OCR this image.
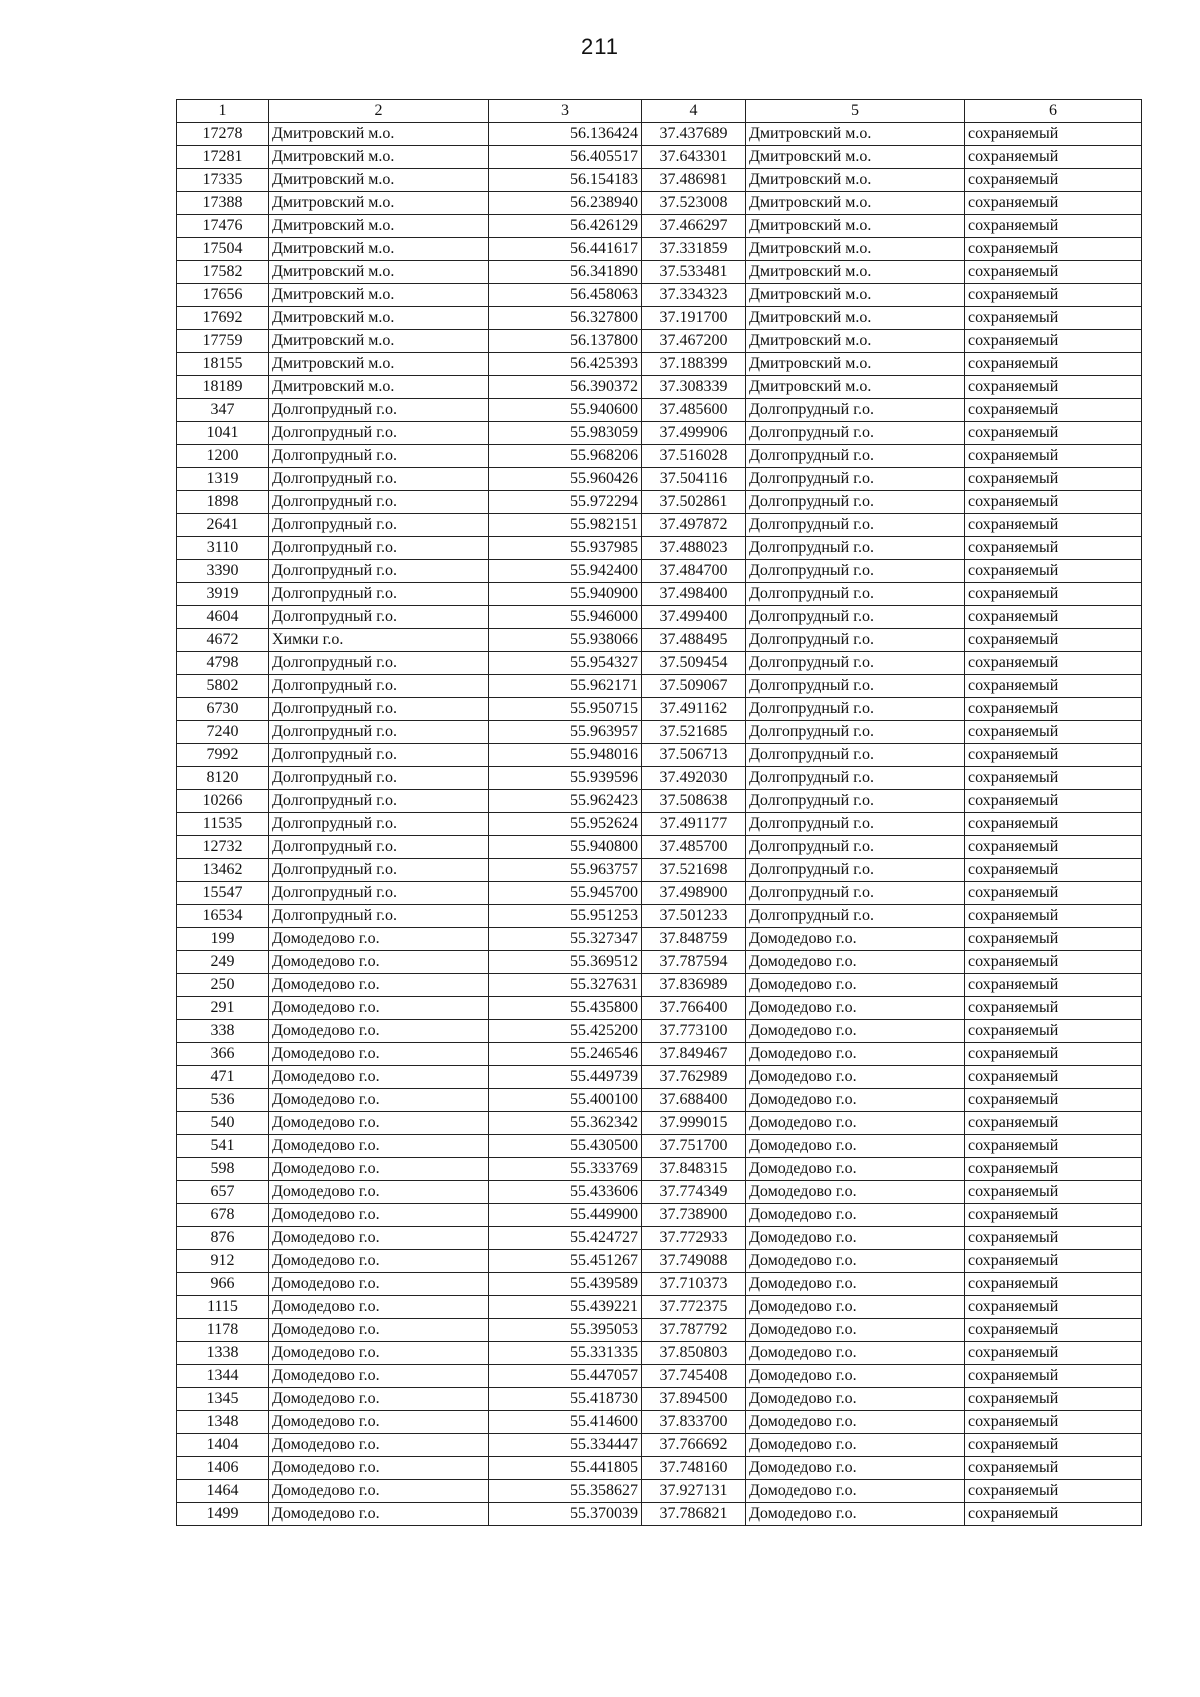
211
1	2	3	4	5	6
17278	Дмитровский м.о.	56.136424	37.437689	Дмитровский м.о.	сохраняемый
17281	Дмитровский м.о.	56.405517	37.643301	Дмитровский м.о.	сохраняемый
17335	Дмитровский м.о.	56.154183	37.486981	Дмитровский м.о.	сохраняемый
17388	Дмитровский м.о.	56.238940	37.523008	Дмитровский м.о.	сохраняемый
17476	Дмитровский м.о.	56.426129	37.466297	Дмитровский м.о.	сохраняемый
17504	Дмитровский м.о.	56.441617	37.331859	Дмитровский м.о.	сохраняемый
17582	Дмитровский м.о.	56.341890	37.533481	Дмитровский м.о.	сохраняемый
17656	Дмитровский м.о.	56.458063	37.334323	Дмитровский м.о.	сохраняемый
17692	Дмитровский м.о.	56.327800	37.191700	Дмитровский м.о.	сохраняемый
17759	Дмитровский м.о.	56.137800	37.467200	Дмитровский м.о.	сохраняемый
18155	Дмитровский м.о.	56.425393	37.188399	Дмитровский м.о.	сохраняемый
18189	Дмитровский м.о.	56.390372	37.308339	Дмитровский м.о.	сохраняемый
347	Долгопрудный г.о.	55.940600	37.485600	Долгопрудный г.о.	сохраняемый
1041	Долгопрудный г.о.	55.983059	37.499906	Долгопрудный г.о.	сохраняемый
1200	Долгопрудный г.о.	55.968206	37.516028	Долгопрудный г.о.	сохраняемый
1319	Долгопрудный г.о.	55.960426	37.504116	Долгопрудный г.о.	сохраняемый
1898	Долгопрудный г.о.	55.972294	37.502861	Долгопрудный г.о.	сохраняемый
2641	Долгопрудный г.о.	55.982151	37.497872	Долгопрудный г.о.	сохраняемый
3110	Долгопрудный г.о.	55.937985	37.488023	Долгопрудный г.о.	сохраняемый
3390	Долгопрудный г.о.	55.942400	37.484700	Долгопрудный г.о.	сохраняемый
3919	Долгопрудный г.о.	55.940900	37.498400	Долгопрудный г.о.	сохраняемый
4604	Долгопрудный г.о.	55.946000	37.499400	Долгопрудный г.о.	сохраняемый
4672	Химки г.о.	55.938066	37.488495	Долгопрудный г.о.	сохраняемый
4798	Долгопрудный г.о.	55.954327	37.509454	Долгопрудный г.о.	сохраняемый
5802	Долгопрудный г.о.	55.962171	37.509067	Долгопрудный г.о.	сохраняемый
6730	Долгопрудный г.о.	55.950715	37.491162	Долгопрудный г.о.	сохраняемый
7240	Долгопрудный г.о.	55.963957	37.521685	Долгопрудный г.о.	сохраняемый
7992	Долгопрудный г.о.	55.948016	37.506713	Долгопрудный г.о.	сохраняемый
8120	Долгопрудный г.о.	55.939596	37.492030	Долгопрудный г.о.	сохраняемый
10266	Долгопрудный г.о.	55.962423	37.508638	Долгопрудный г.о.	сохраняемый
11535	Долгопрудный г.о.	55.952624	37.491177	Долгопрудный г.о.	сохраняемый
12732	Долгопрудный г.о.	55.940800	37.485700	Долгопрудный г.о.	сохраняемый
13462	Долгопрудный г.о.	55.963757	37.521698	Долгопрудный г.о.	сохраняемый
15547	Долгопрудный г.о.	55.945700	37.498900	Долгопрудный г.о.	сохраняемый
16534	Долгопрудный г.о.	55.951253	37.501233	Долгопрудный г.о.	сохраняемый
199	Домодедово г.о.	55.327347	37.848759	Домодедово г.о.	сохраняемый
249	Домодедово г.о.	55.369512	37.787594	Домодедово г.о.	сохраняемый
250	Домодедово г.о.	55.327631	37.836989	Домодедово г.о.	сохраняемый
291	Домодедово г.о.	55.435800	37.766400	Домодедово г.о.	сохраняемый
338	Домодедово г.о.	55.425200	37.773100	Домодедово г.о.	сохраняемый
366	Домодедово г.о.	55.246546	37.849467	Домодедово г.о.	сохраняемый
471	Домодедово г.о.	55.449739	37.762989	Домодедово г.о.	сохраняемый
536	Домодедово г.о.	55.400100	37.688400	Домодедово г.о.	сохраняемый
540	Домодедово г.о.	55.362342	37.999015	Домодедово г.о.	сохраняемый
541	Домодедово г.о.	55.430500	37.751700	Домодедово г.о.	сохраняемый
598	Домодедово г.о.	55.333769	37.848315	Домодедово г.о.	сохраняемый
657	Домодедово г.о.	55.433606	37.774349	Домодедово г.о.	сохраняемый
678	Домодедово г.о.	55.449900	37.738900	Домодедово г.о.	сохраняемый
876	Домодедово г.о.	55.424727	37.772933	Домодедово г.о.	сохраняемый
912	Домодедово г.о.	55.451267	37.749088	Домодедово г.о.	сохраняемый
966	Домодедово г.о.	55.439589	37.710373	Домодедово г.о.	сохраняемый
1115	Домодедово г.о.	55.439221	37.772375	Домодедово г.о.	сохраняемый
1178	Домодедово г.о.	55.395053	37.787792	Домодедово г.о.	сохраняемый
1338	Домодедово г.о.	55.331335	37.850803	Домодедово г.о.	сохраняемый
1344	Домодедово г.о.	55.447057	37.745408	Домодедово г.о.	сохраняемый
1345	Домодедово г.о.	55.418730	37.894500	Домодедово г.о.	сохраняемый
1348	Домодедово г.о.	55.414600	37.833700	Домодедово г.о.	сохраняемый
1404	Домодедово г.о.	55.334447	37.766692	Домодедово г.о.	сохраняемый
1406	Домодедово г.о.	55.441805	37.748160	Домодедово г.о.	сохраняемый
1464	Домодедово г.о.	55.358627	37.927131	Домодедово г.о.	сохраняемый
1499	Домодедово г.о.	55.370039	37.786821	Домодедово г.о.	сохраняемый
